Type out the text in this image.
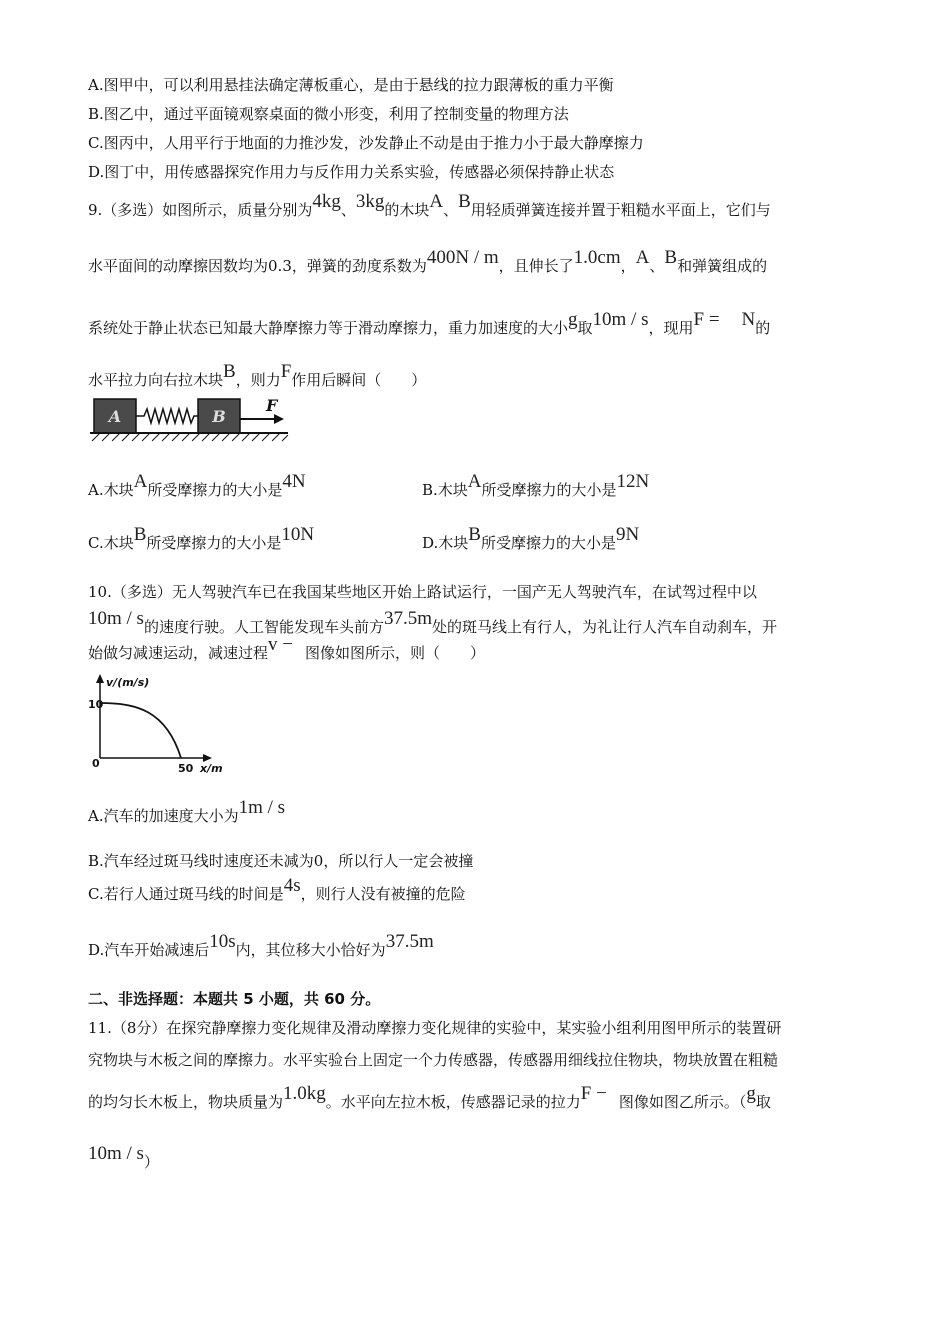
A.图甲中，可以利用悬挂法确定薄板重心，是由于悬线的拉力跟薄板的重力平衡
B.图乙中，通过平面镜观察桌面的微小形变，利用了控制变量的物理方法
C.图丙中，人用平行于地面的力推沙发，沙发静止不动是由于推力小于最大静摩擦力
D.图丁中，用传感器探究作用力与反作用力关系实验，传感器必须保持静止状态
9.（多选）如图所示，质量分别为4kg、3kg的木块A、B用轻质弹簧连接并置于粗糙水平面上，它们与
水平面间的动摩擦因数均为0.3，弹簧的劲度系数为400N / m，且伸长了1.0cm，A、B和弹簧组成的
系统处于静止状态已知最大静摩擦力等于滑动摩擦力，重力加速度的大小g取10m / s，现用F = N的
水平拉力向右拉木块B，则力F作用后瞬间（　　）
A	B
F
A.木块A所受摩擦力的大小是4N	B.木块A所受摩擦力的大小是12N
C.木块B所受摩擦力的大小是10N	D.木块B所受摩擦力的大小是9N
10.（多选）无人驾驶汽车已在我国某些地区开始上路试运行，一国产无人驾驶汽车，在试驾过程中以
10m / s的速度行驶。人工智能发现车头前方37.5m处的斑马线上有行人，为礼让行人汽车自动刹车，开
始做匀减速运动，减速过程v − 图像如图所示，则（　　）
v/(m/s)
10
0	50 x/m
A.汽车的加速度大小为1m / s
B.汽车经过斑马线时速度还未减为0，所以行人一定会被撞
C.若行人通过斑马线的时间是4s，则行人没有被撞的危险
D.汽车开始减速后10s内，其位移大小恰好为37.5m
二、非选择题：本题共 5 小题，共 60 分。
11.（8分）在探究静摩擦力变化规律及滑动摩擦力变化规律的实验中，某实验小组利用图甲所示的装置研
究物块与木板之间的摩擦力。水平实验台上固定一个力传感器，传感器用细线拉住物块，物块放置在粗糙
的均匀长木板上，物块质量为1.0kg。水平向左拉木板，传感器记录的拉力F − 图像如图乙所示。（g取
10m / s）
